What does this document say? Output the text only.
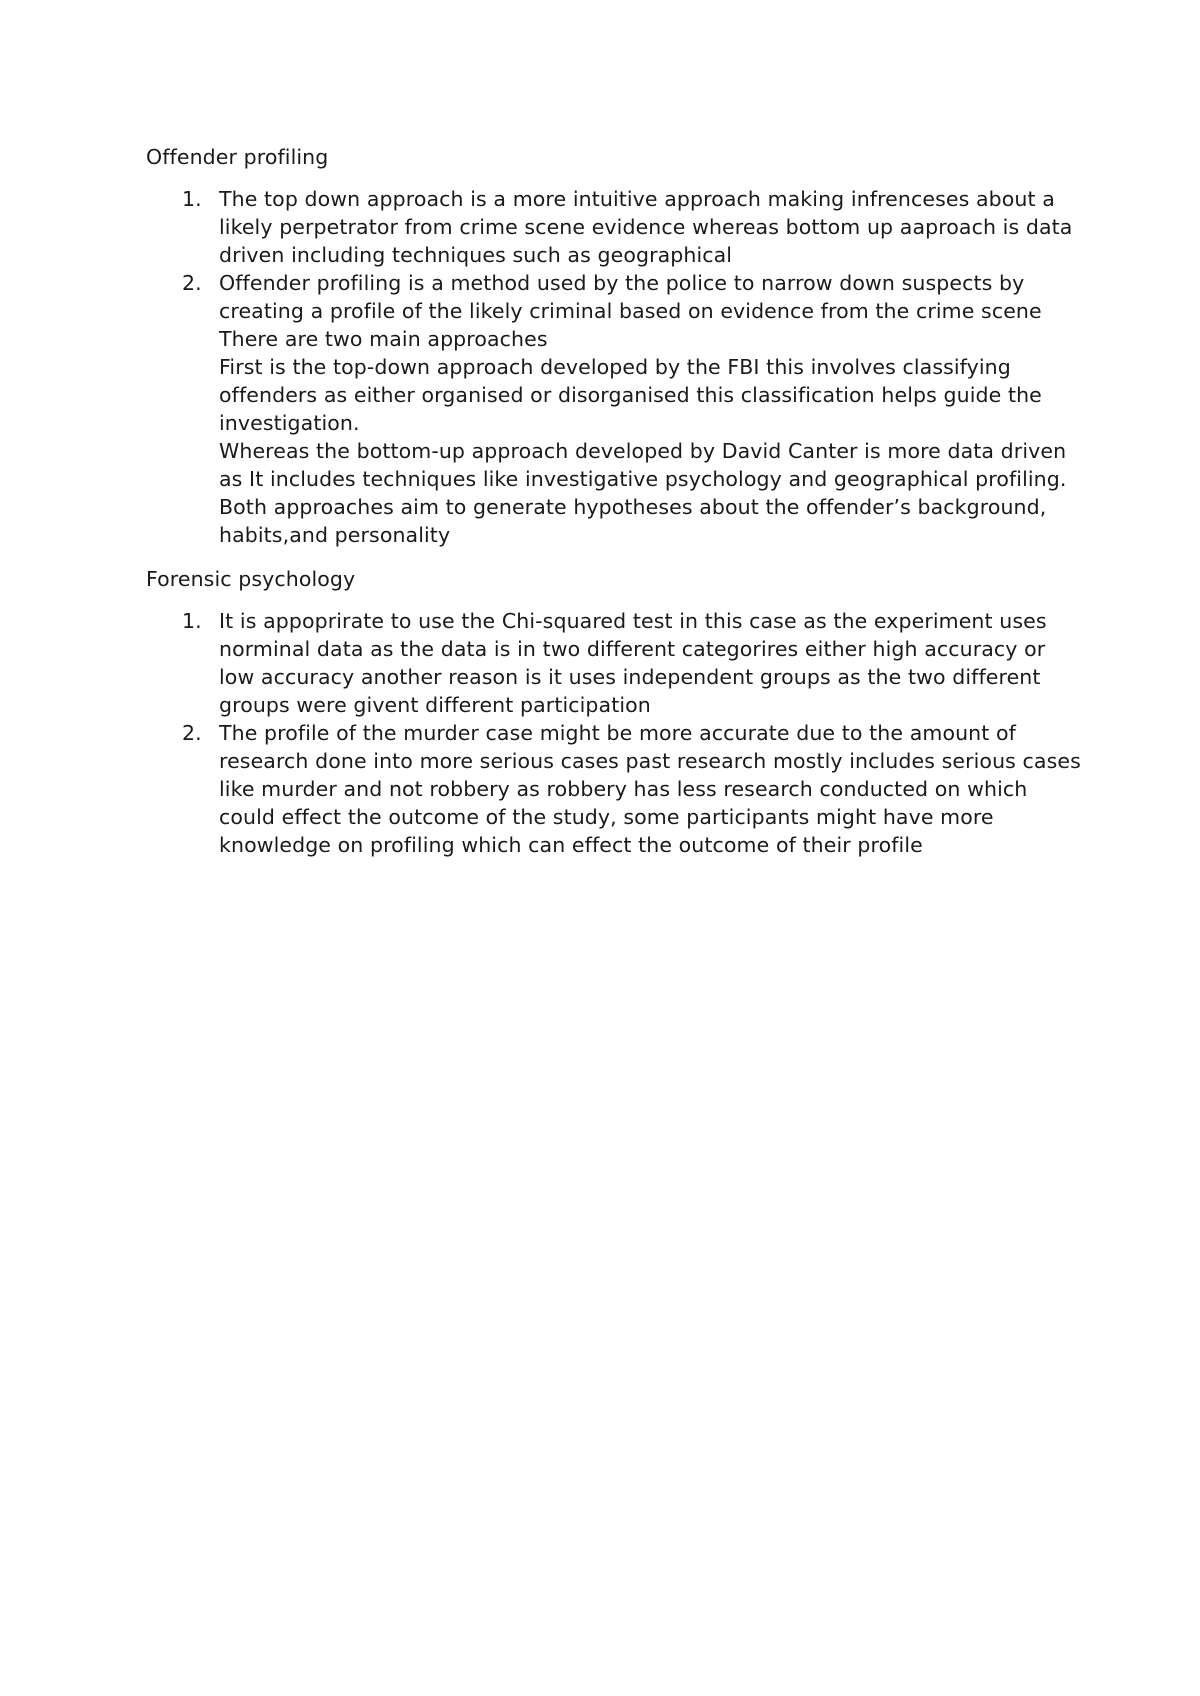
Offender profiling
1. The top down approach is a more intuitive approach making infrenceses about a likely perpetrator from crime scene evidence whereas bottom up aaproach is data driven including techniques such as geographical
2. Offender profiling is a method used by the police to narrow down suspects by creating a profile of the likely criminal based on evidence from the crime scene There are two main approaches
First is the top-down approach developed by the FBI this involves classifying offenders as either organised or disorganised this classification helps guide the investigation.
Whereas the bottom-up approach developed by David Canter is more data driven as It includes techniques like investigative psychology and geographical profiling. Both approaches aim to generate hypotheses about the offender’s background, habits,and personality
Forensic psychology
1. It is appoprirate to use the Chi-squared test in this case as the experiment uses norminal data as the data is in two different categorires either high accuracy or low accuracy another reason is it uses independent groups as the two different groups were givent different participation
2. The profile of the murder case might be more accurate due to the amount of research done into more serious cases past research mostly includes serious cases like murder and not robbery as robbery has less research conducted on which could effect the outcome of the study, some participants might have more knowledge on profiling which can effect the outcome of their profile
